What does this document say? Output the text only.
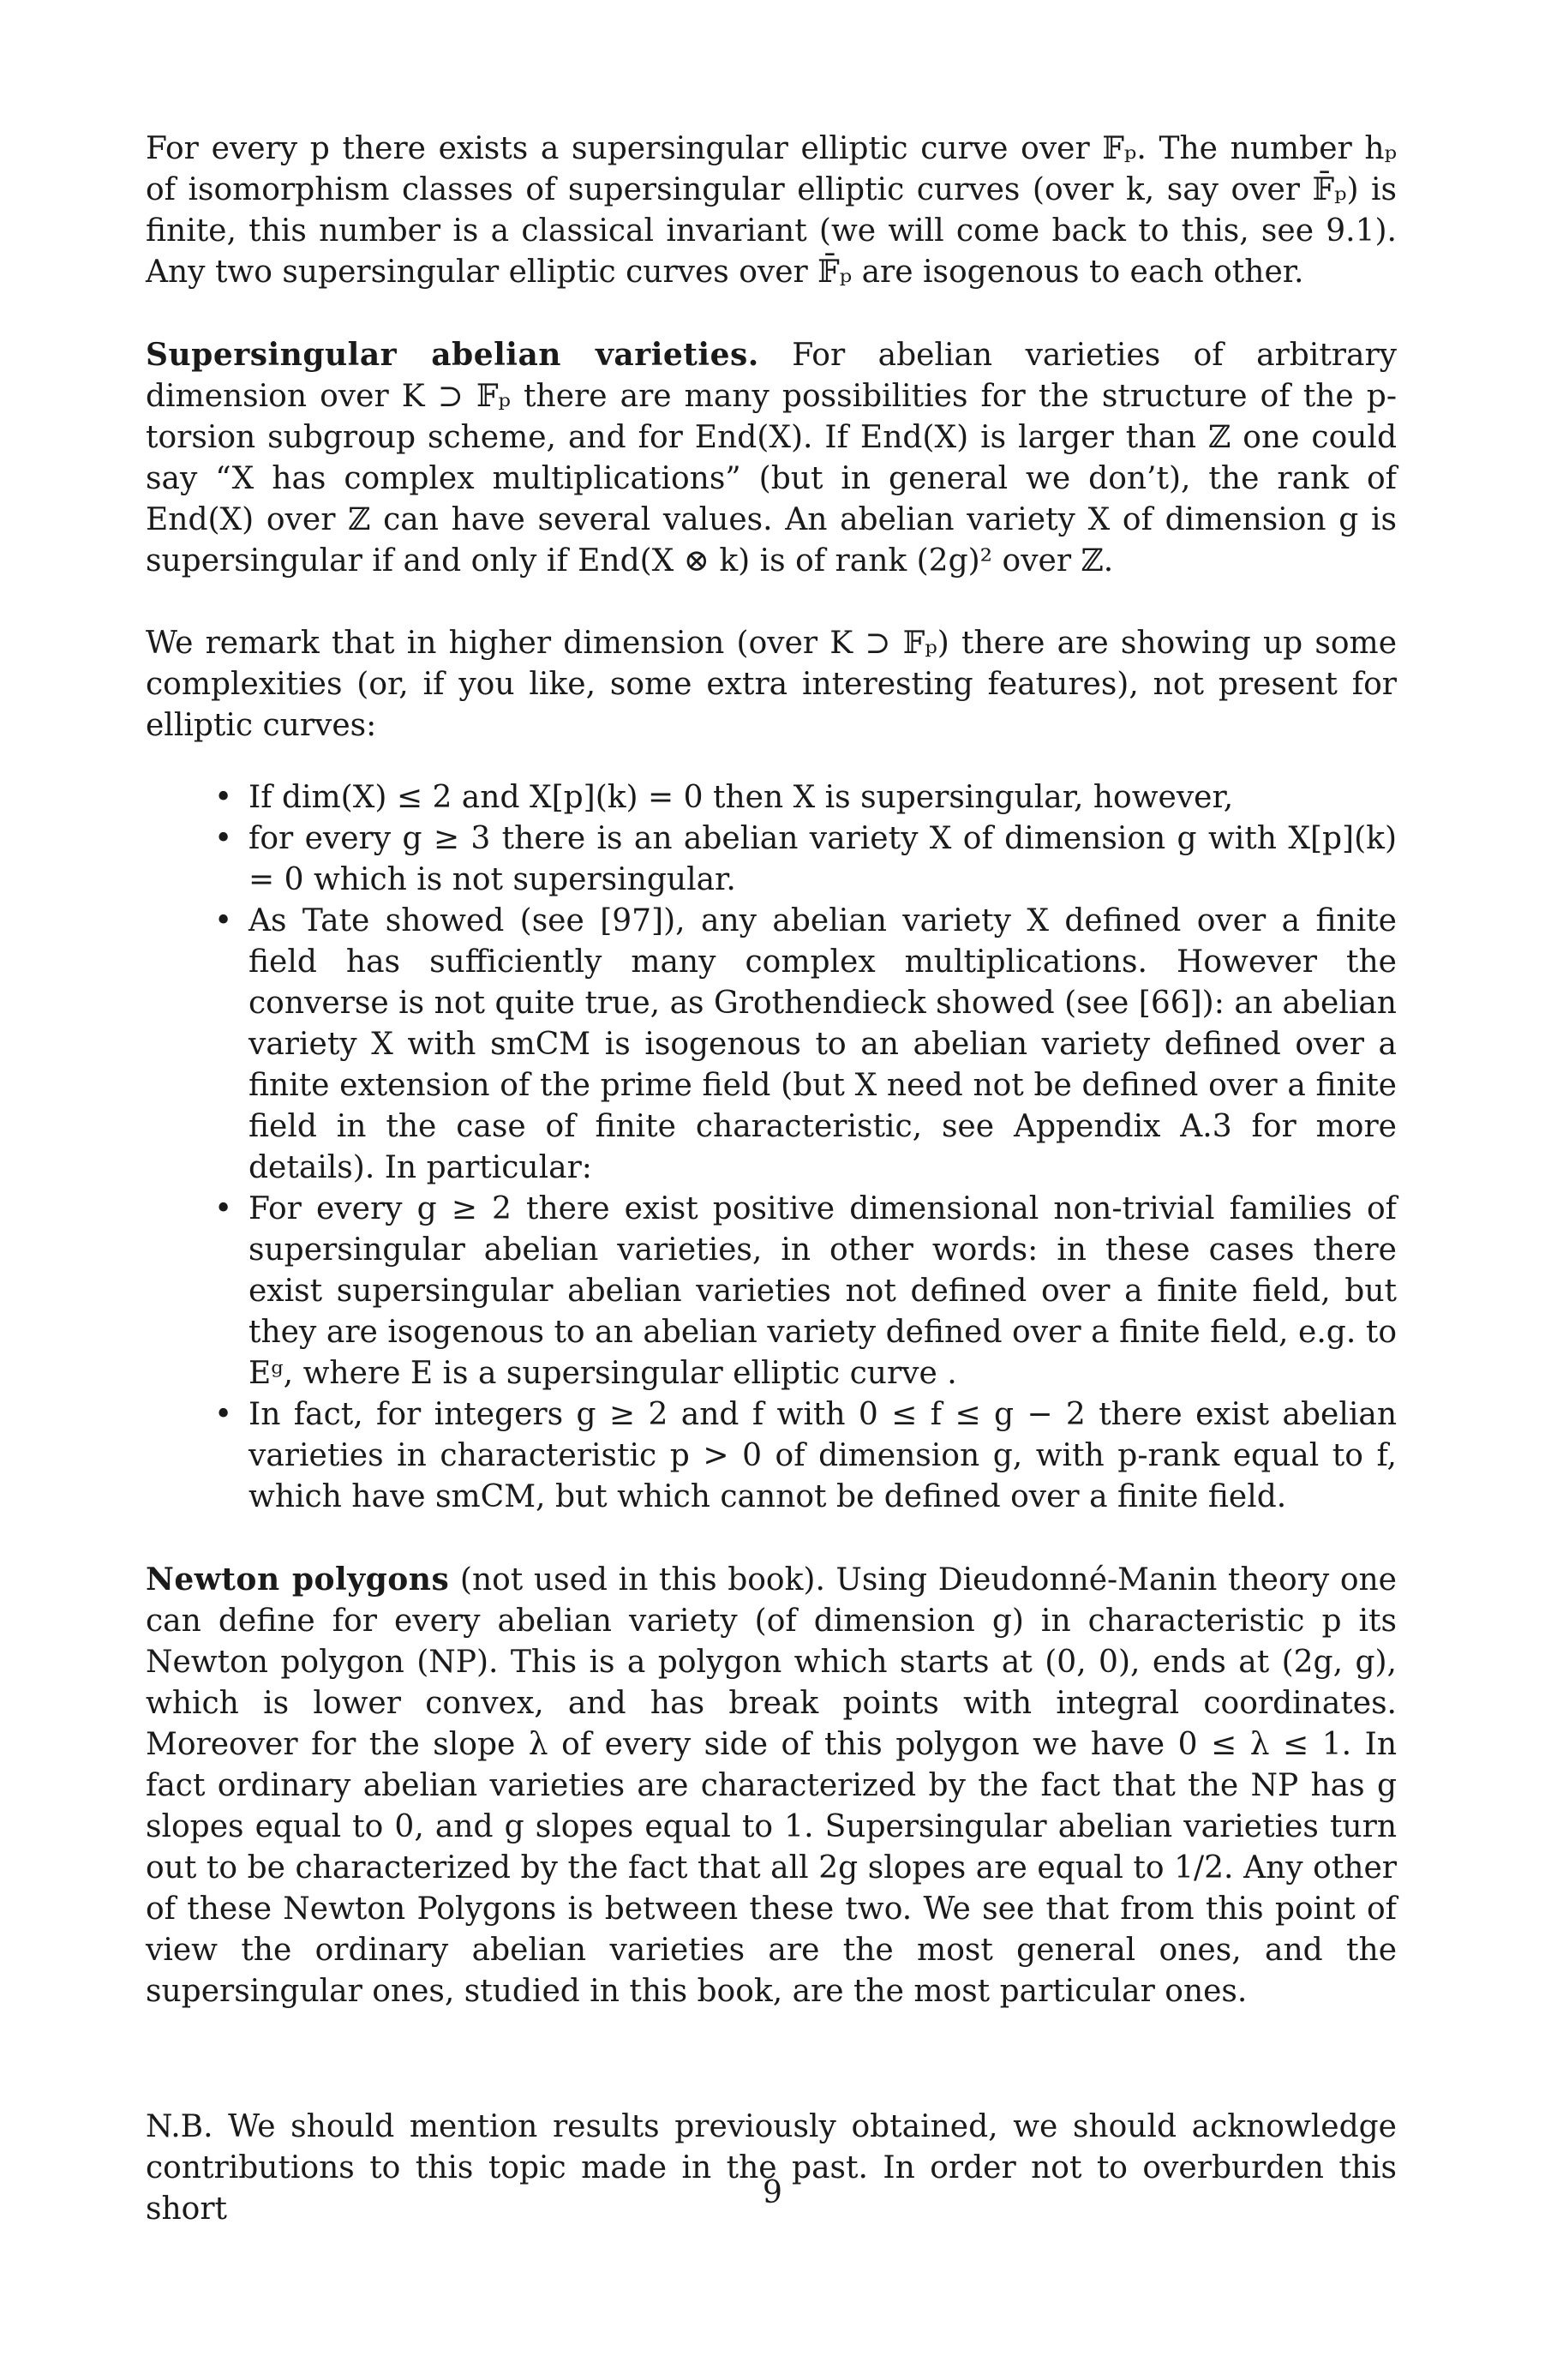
For every p there exists a supersingular elliptic curve over 𝔽ₚ. The number hₚ of isomorphism classes of supersingular elliptic curves (over k, say over 𝔽̄ₚ) is finite, this number is a classical invariant (we will come back to this, see 9.1). Any two supersingular elliptic curves over 𝔽̄ₚ are isogenous to each other.

Supersingular abelian varieties. For abelian varieties of arbitrary dimension over K ⊃ 𝔽ₚ there are many possibilities for the structure of the p-torsion subgroup scheme, and for End(X). If End(X) is larger than ℤ one could say “X has complex multiplications” (but in general we don’t), the rank of End(X) over ℤ can have several values. An abelian variety X of dimension g is supersingular if and only if End(X ⊗ k) is of rank (2g)² over ℤ.

We remark that in higher dimension (over K ⊃ 𝔽ₚ) there are showing up some complexities (or, if you like, some extra interesting features), not present for elliptic curves:

• If dim(X) ≤ 2 and X[p](k) = 0 then X is supersingular, however,
• for every g ≥ 3 there is an abelian variety X of dimension g with X[p](k) = 0 which is not supersingular.
• As Tate showed (see [97]), any abelian variety X defined over a finite field has sufficiently many complex multiplications. However the converse is not quite true, as Grothendieck showed (see [66]): an abelian variety X with smCM is isogenous to an abelian variety defined over a finite extension of the prime field (but X need not be defined over a finite field in the case of finite characteristic, see Appendix A.3 for more details). In particular:
• For every g ≥ 2 there exist positive dimensional non-trivial families of supersingular abelian varieties, in other words: in these cases there exist supersingular abelian varieties not defined over a finite field, but they are isogenous to an abelian variety defined over a finite field, e.g. to Eᵍ, where E is a supersingular elliptic curve .
• In fact, for integers g ≥ 2 and f with 0 ≤ f ≤ g − 2 there exist abelian varieties in characteristic p > 0 of dimension g, with p-rank equal to f, which have smCM, but which cannot be defined over a finite field.

Newton polygons (not used in this book). Using Dieudonné-Manin theory one can define for every abelian variety (of dimension g) in characteristic p its Newton polygon (NP). This is a polygon which starts at (0, 0), ends at (2g, g), which is lower convex, and has break points with integral coordinates. Moreover for the slope λ of every side of this polygon we have 0 ≤ λ ≤ 1. In fact ordinary abelian varieties are characterized by the fact that the NP has g slopes equal to 0, and g slopes equal to 1. Supersingular abelian varieties turn out to be characterized by the fact that all 2g slopes are equal to 1/2. Any other of these Newton Polygons is between these two. We see that from this point of view the ordinary abelian varieties are the most general ones, and the supersingular ones, studied in this book, are the most particular ones.

N.B. We should mention results previously obtained, we should acknowledge contributions to this topic made in the past. In order not to overburden this short	9
